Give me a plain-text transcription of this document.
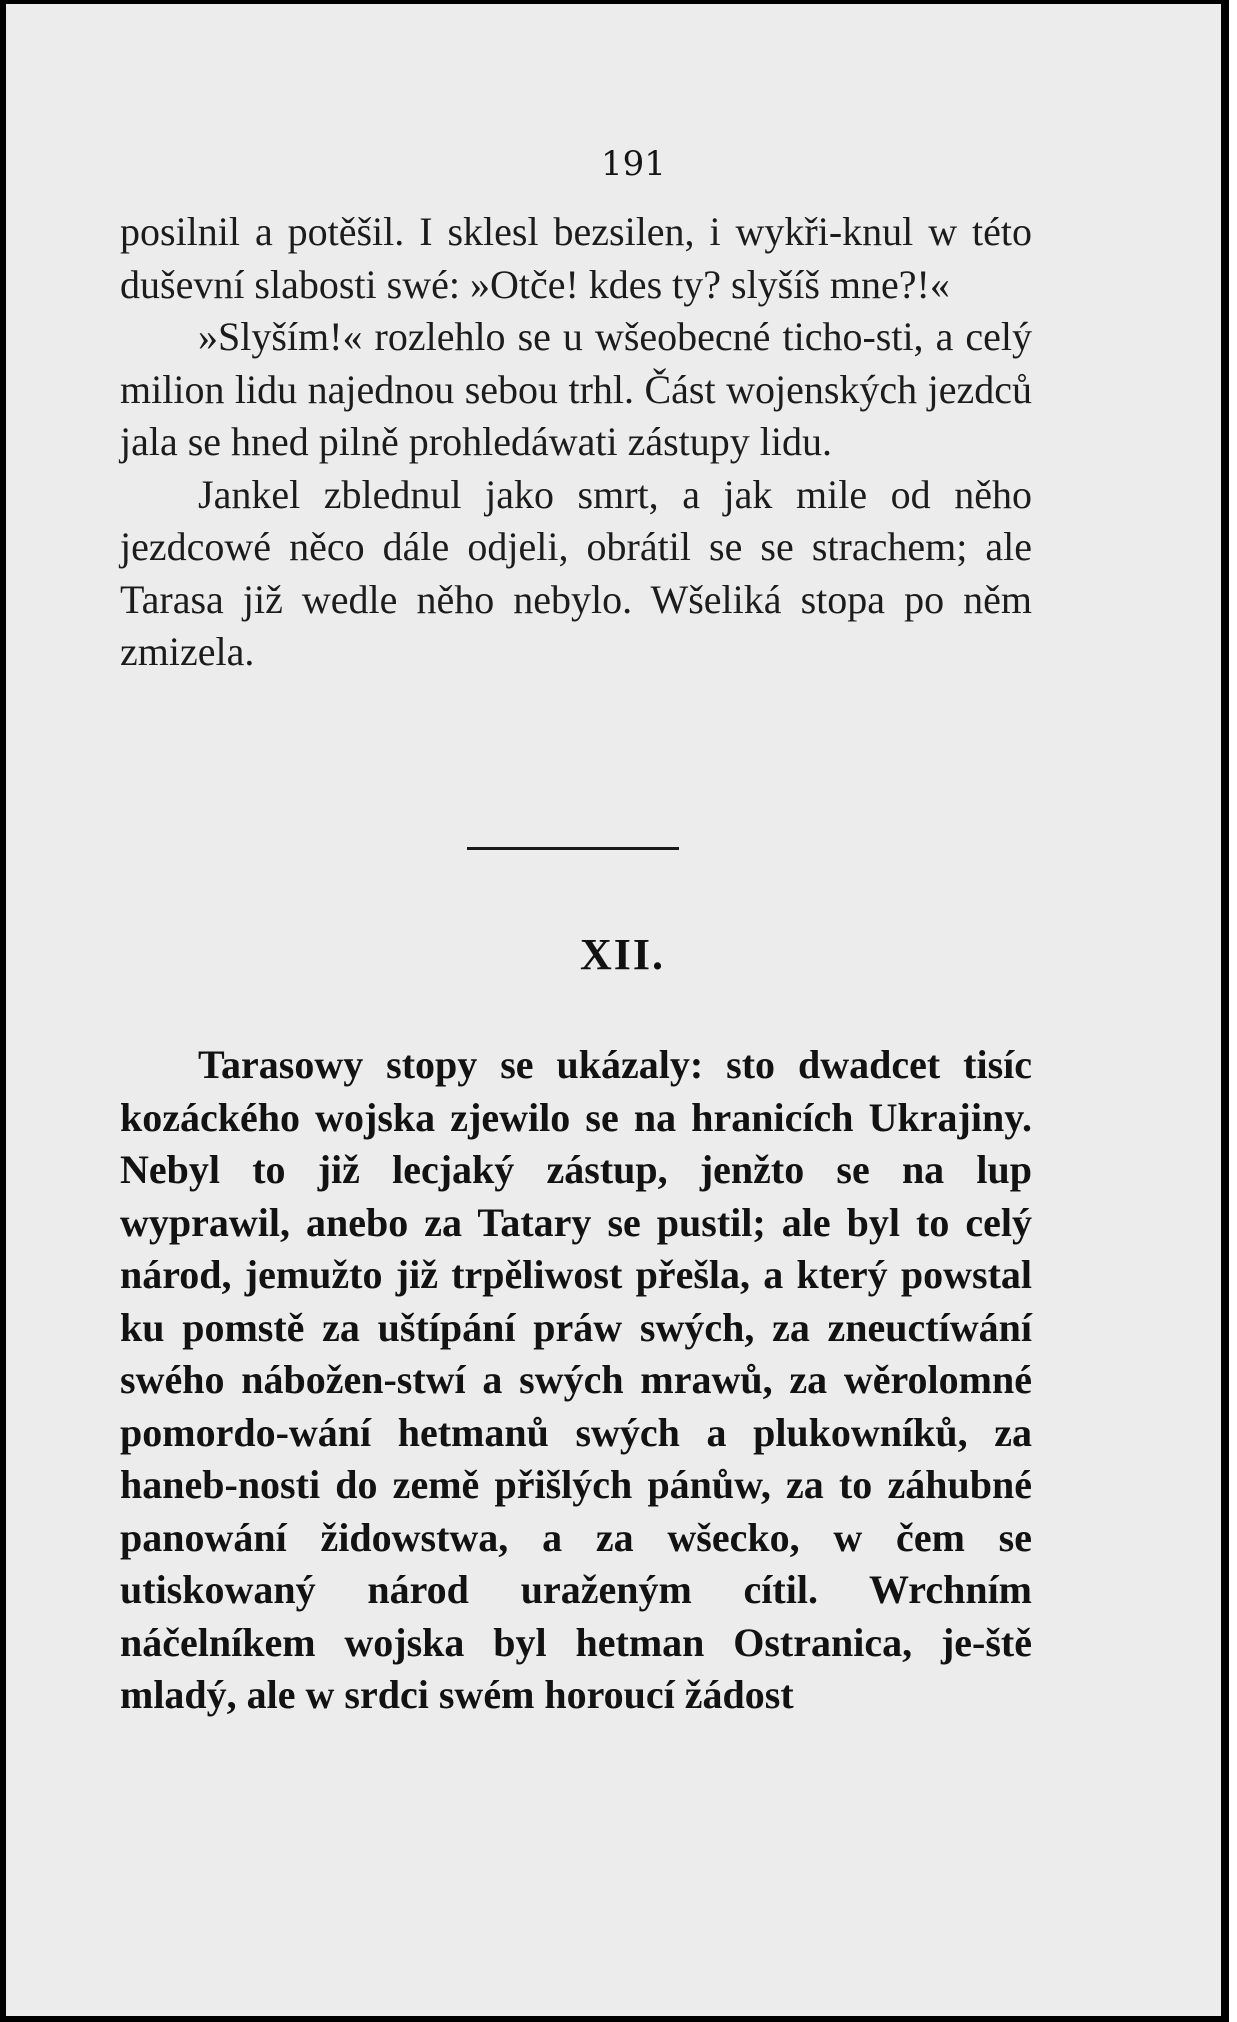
191

posilnil a potěšil. I sklesl bezsilen, i wykři-knul w této duševní slabosti swé: »Otče! kdes ty? slyšíš mne?!«

»Slyším!« rozlehlo se u wšeobecné ticho-sti, a celý milion lidu najednou sebou trhl. Část wojenských jezdců jala se hned pilně prohledáwati zástupy lidu.

Jankel zblednul jako smrt, a jak mile od něho jezdcowé něco dále odjeli, obrátil se se strachem; ale Tarasa již wedle něho nebylo. Wšeliká stopa po něm zmizela.

XII.

Tarasowy stopy se ukázaly: sto dwadcet tisíc kozáckého wojska zjewilo se na hranicích Ukrajiny. Nebyl to již lecjaký zástup, jenžto se na lup wyprawil, anebo za Tatary se pustil; ale byl to celý národ, jemužto již trpěliwost přešla, a který powstal ku pomstě za uštípání práw swých, za zneuctíwání swého nábožen-stwí a swých mrawů, za wěrolomné pomordo-wání hetmanů swých a plukowníků, za haneb-nosti do země přišlých pánůw, za to záhubné panowání židowstwa, a za wšecko, w čem se utiskowaný národ uraženým cítil. Wrchním náčelníkem wojska byl hetman Ostranica, je-ště mladý, ale w srdci swém horoucí žádost
